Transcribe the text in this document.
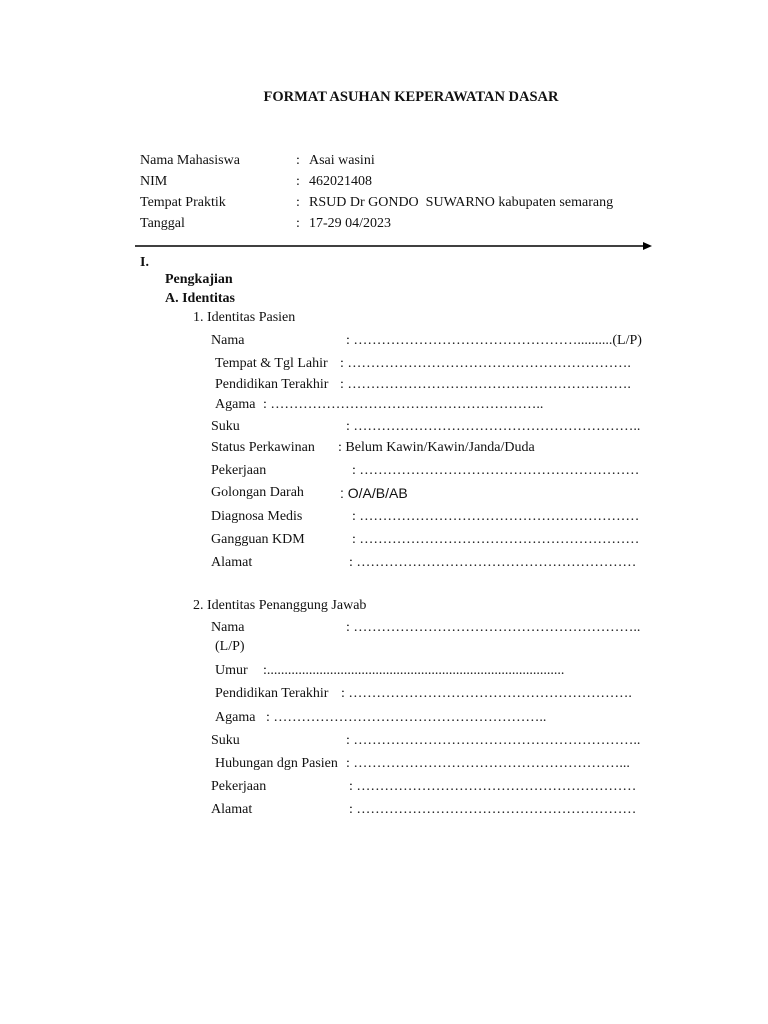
FORMAT ASUHAN KEPERAWATAN DASAR
Nama Mahasiswa	: Asai wasini
NIM	: 462021408
Tempat Praktik	: RSUD Dr GONDO  SUWARNO kabupaten semarang
Tanggal	: 17-29 04/2023
I.
Pengkajian
A. Identitas
1. Identitas Pasien
Nama	: …………………………………………..........(L/P)
Tempat & Tgl Lahir : …………………………………………………….
Pendidikan Terakhir : …………………………………………………….
Agama : …………………………………………………..
Suku	: ……………………………………………………..
Status Perkawinan : Belum Kawin/Kawin/Janda/Duda
Pekerjaan	: ……………………………………………………
Golongan Darah	: O/A/B/AB
Diagnosa Medis	: ……………………………………………………
Gangguan KDM	: ……………………………………………………
Alamat	: ……………………………………………………
2. Identitas Penanggung Jawab
Nama	: ……………………………………………………..
(L/P)
Umur :.....................................................................................
Pendidikan Terakhir : …………………………………………………….
Agama : …………………………………………………..
Suku	: ……………………………………………………..
Hubungan dgn Pasien : …………………………………………………...
Pekerjaan	: ……………………………………………………
Alamat	: ……………………………………………………
